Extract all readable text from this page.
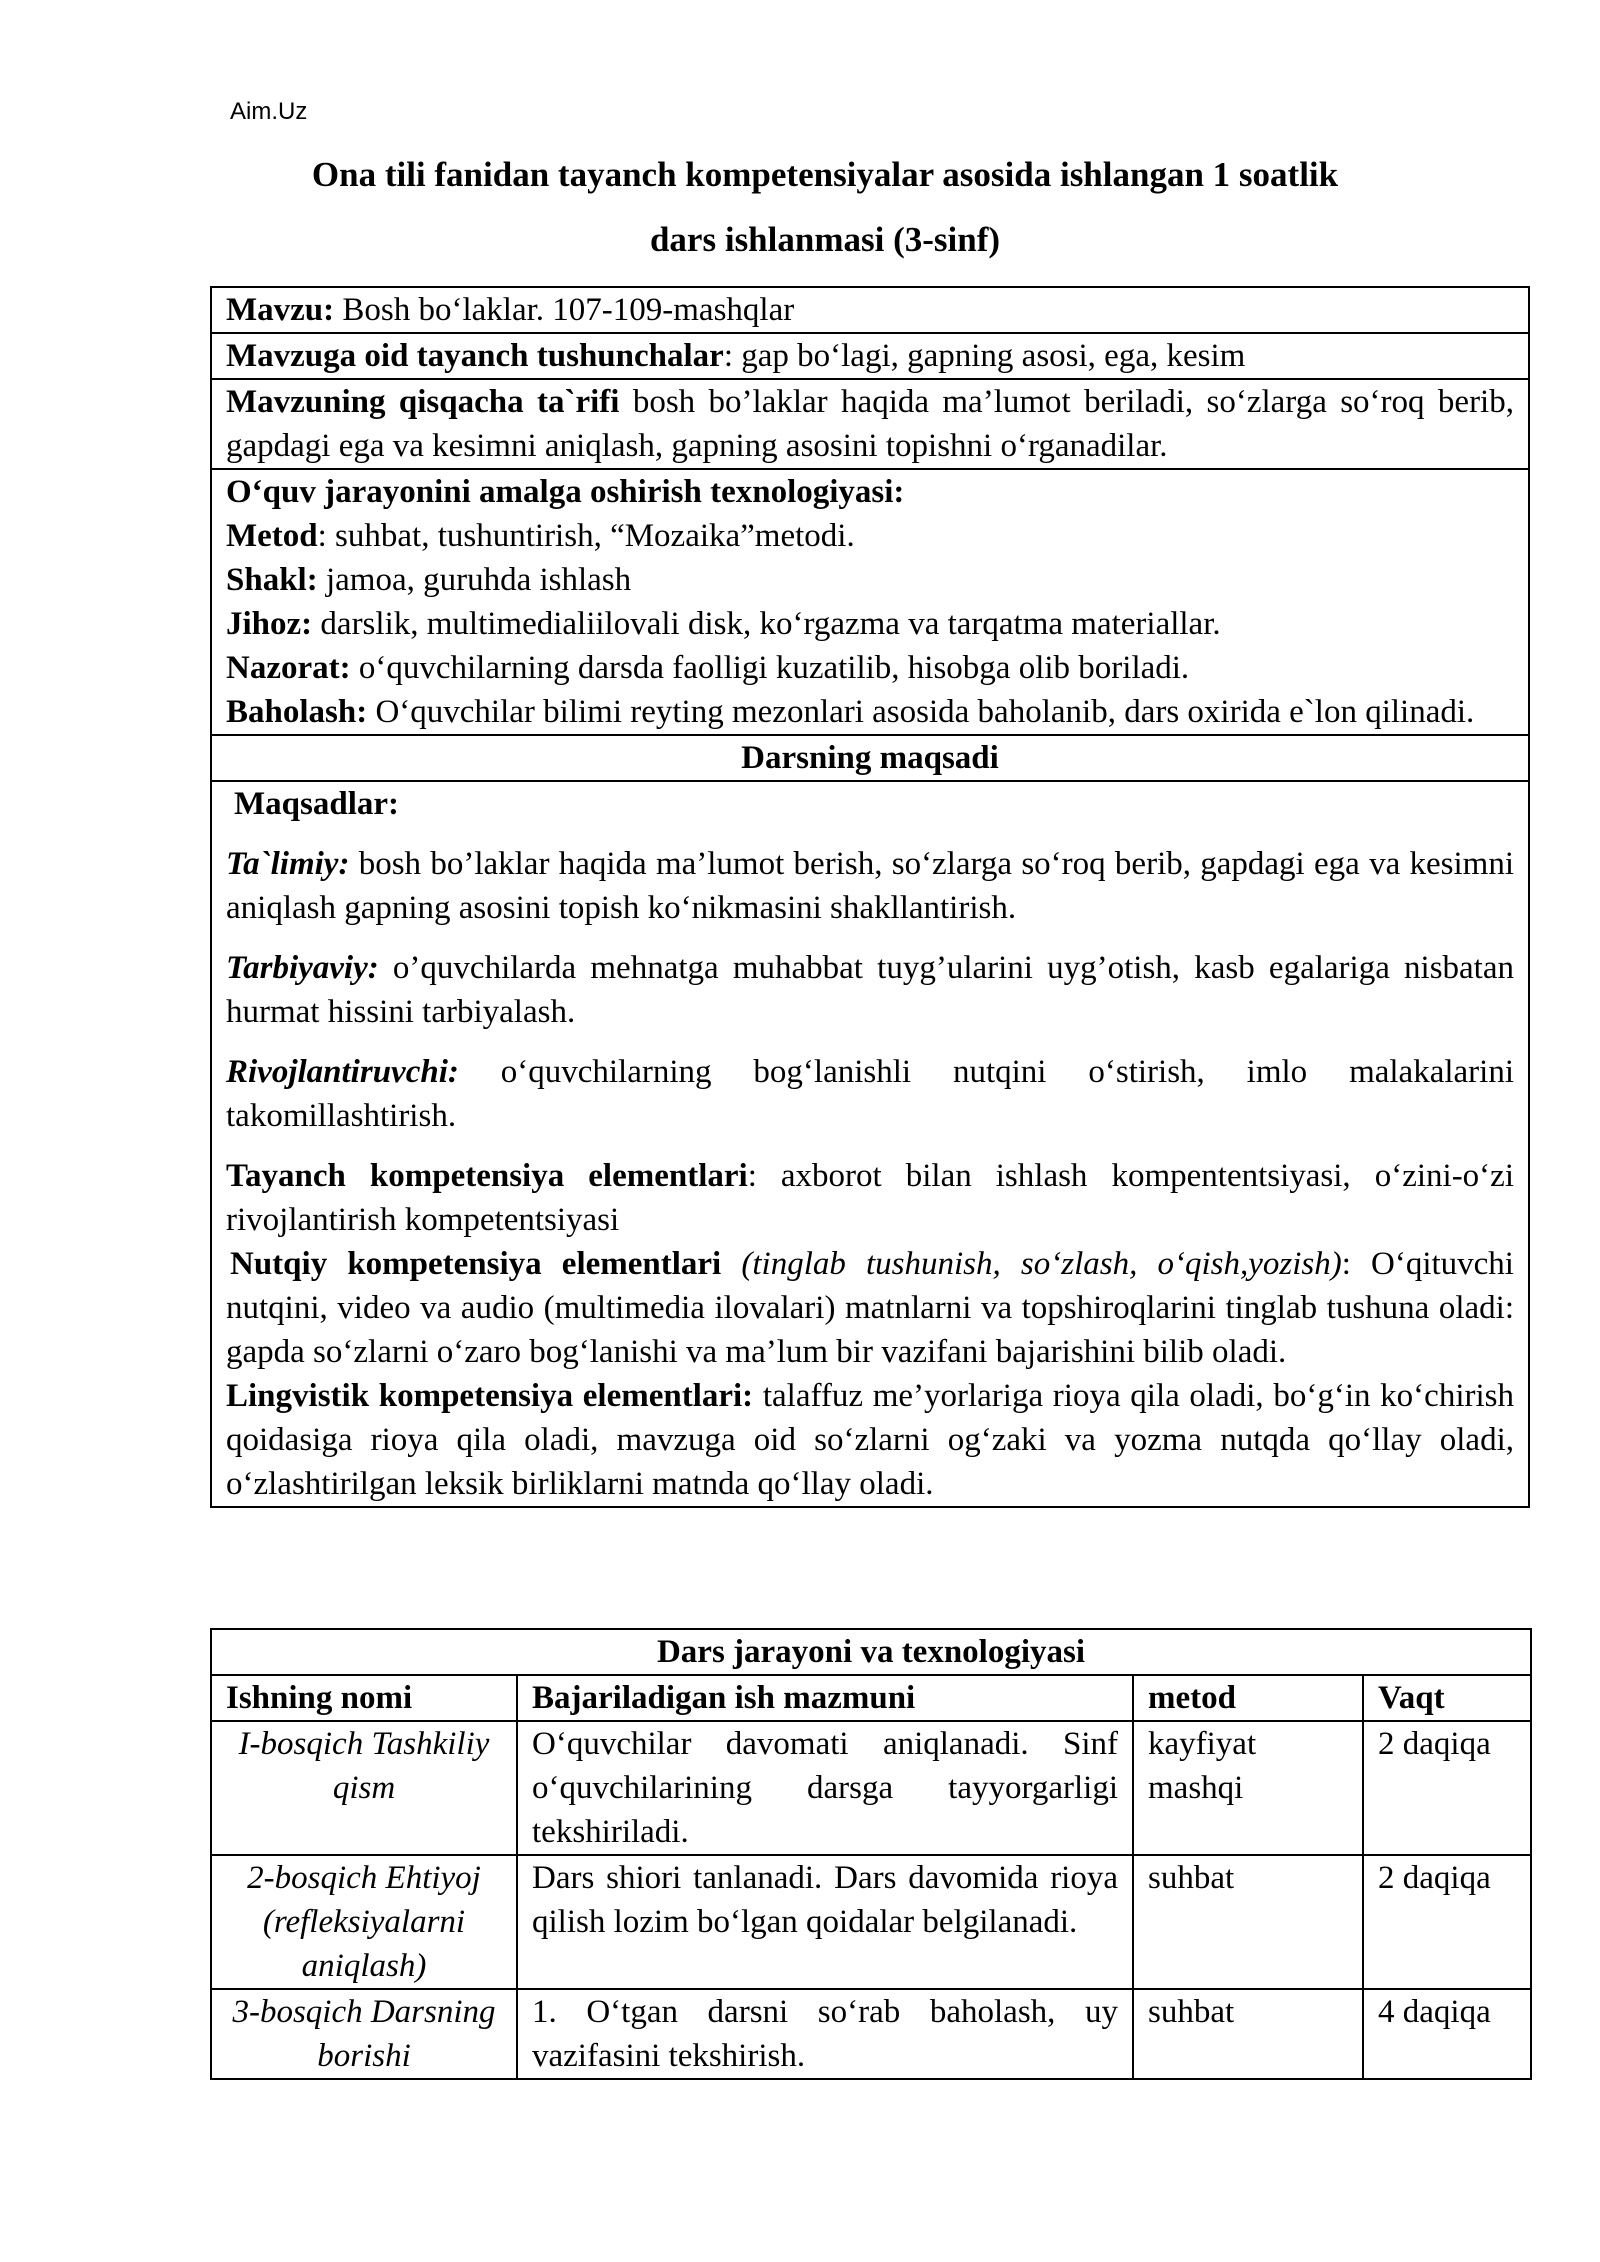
Aim.Uz
Ona tili fanidan tayanch kompetensiyalar asosida ishlangan 1 soatlik
dars ishlanmasi (3-sinf)
Mavzu: Bosh bo‘laklar. 107-109-mashqlar
Mavzuga oid tayanch tushunchalar: gap bo‘lagi, gapning asosi, ega, kesim
Mavzuning qisqacha ta`rifi bosh bo’laklar haqida ma’lumot beriladi, so‘zlarga so‘roq berib, gapdagi ega va kesimni aniqlash, gapning asosini topishni o‘rganadilar.

O‘quv jarayonini amalga oshirish texnologiyasi:
Metod: suhbat, tushuntirish, “Mozaika”metodi.
Shakl: jamoa, guruhda ishlash
Jihoz: darslik, multimedialiilovali disk, ko‘rgazma va tarqatma materiallar.
Nazorat: o‘quvchilarning darsda faolligi kuzatilib, hisobga olib boriladi.
Baholash: O‘quvchilar bilimi reyting mezonlari asosida baholanib, dars oxirida e`lon qilinadi.

Darsning maqsadi

Maqsadlar:

Ta`limiy: bosh bo’laklar haqida ma’lumot berish, so‘zlarga so‘roq berib, gapdagi ega va kesimni aniqlash gapning asosini topish ko‘nikmasini shakllantirish.

Tarbiyaviy: o’quvchilarda mehnatga muhabbat tuyg’ularini uyg’otish, kasb egalariga nisbatan hurmat hissini tarbiyalash.

Rivojlantiruvchi: o‘quvchilarning bog‘lanishli nutqini o‘stirish, imlo malakalarini takomillashtirish.

Tayanch kompetensiya elementlari: axborot bilan ishlash kompententsiyasi, o‘zini-o‘zi rivojlantirish kompetentsiyasi

Nutqiy kompetensiya elementlari (tinglab tushunish, so‘zlash, o‘qish,yozish): O‘qituvchi nutqini, video va audio (multimedia ilovalari) matnlarni va topshiroqlarini tinglab tushuna oladi: gapda so‘zlarni o‘zaro bog‘lanishi va ma’lum bir vazifani bajarishini bilib oladi.

Lingvistik kompetensiya elementlari: talaffuz me’yorlariga rioya qila oladi, bo‘g‘in ko‘chirish qoidasiga rioya qila oladi, mavzuga oid so‘zlarni og‘zaki va yozma nutqda qo‘llay oladi, o‘zlashtirilgan leksik birliklarni matnda qo‘llay oladi.

Dars jarayoni va texnologiyasi			
Ishning nomi	Bajariladigan ish mazmuni	metod	Vaqt
I-bosqich Tashkiliy qism	O‘quvchilar davomati aniqlanadi. Sinf o‘quvchilarining darsga tayyorgarligi tekshiriladi.	kayfiyat mashqi	2 daqiqa
2-bosqich Ehtiyoj (refleksiyalarni aniqlash)	Dars shiori tanlanadi. Dars davomida rioya qilish lozim bo‘lgan qoidalar belgilanadi.	suhbat	2 daqiqa
3-bosqich Darsning borishi	1. O‘tgan darsni so‘rab baholash, uy vazifasini tekshirish.	suhbat	4 daqiqa
